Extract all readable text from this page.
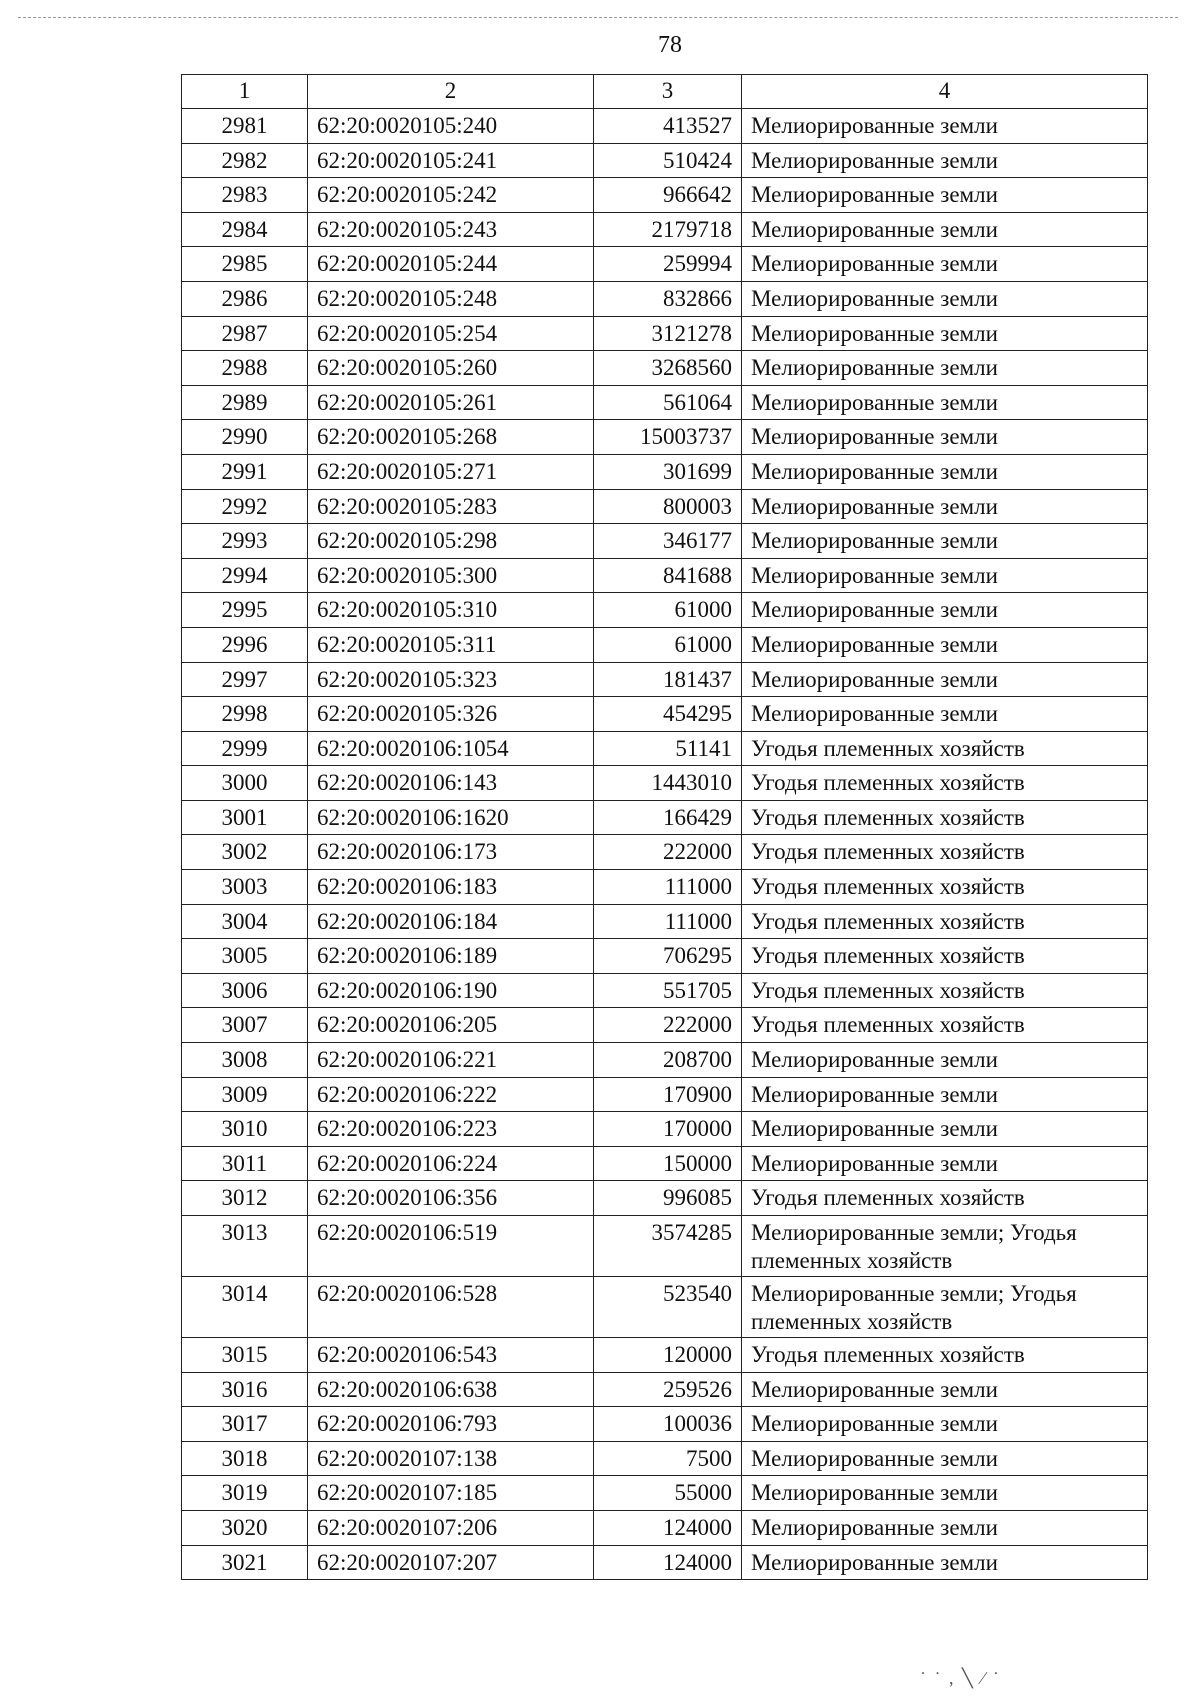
78
1	2	3	4
2981	62:20:0020105:240	413527	Мелиорированные земли
2982	62:20:0020105:241	510424	Мелиорированные земли
2983	62:20:0020105:242	966642	Мелиорированные земли
2984	62:20:0020105:243	2179718	Мелиорированные земли
2985	62:20:0020105:244	259994	Мелиорированные земли
2986	62:20:0020105:248	832866	Мелиорированные земли
2987	62:20:0020105:254	3121278	Мелиорированные земли
2988	62:20:0020105:260	3268560	Мелиорированные земли
2989	62:20:0020105:261	561064	Мелиорированные земли
2990	62:20:0020105:268	15003737	Мелиорированные земли
2991	62:20:0020105:271	301699	Мелиорированные земли
2992	62:20:0020105:283	800003	Мелиорированные земли
2993	62:20:0020105:298	346177	Мелиорированные земли
2994	62:20:0020105:300	841688	Мелиорированные земли
2995	62:20:0020105:310	61000	Мелиорированные земли
2996	62:20:0020105:311	61000	Мелиорированные земли
2997	62:20:0020105:323	181437	Мелиорированные земли
2998	62:20:0020105:326	454295	Мелиорированные земли
2999	62:20:0020106:1054	51141	Угодья племенных хозяйств
3000	62:20:0020106:143	1443010	Угодья племенных хозяйств
3001	62:20:0020106:1620	166429	Угодья племенных хозяйств
3002	62:20:0020106:173	222000	Угодья племенных хозяйств
3003	62:20:0020106:183	111000	Угодья племенных хозяйств
3004	62:20:0020106:184	111000	Угодья племенных хозяйств
3005	62:20:0020106:189	706295	Угодья племенных хозяйств
3006	62:20:0020106:190	551705	Угодья племенных хозяйств
3007	62:20:0020106:205	222000	Угодья племенных хозяйств
3008	62:20:0020106:221	208700	Мелиорированные земли
3009	62:20:0020106:222	170900	Мелиорированные земли
3010	62:20:0020106:223	170000	Мелиорированные земли
3011	62:20:0020106:224	150000	Мелиорированные земли
3012	62:20:0020106:356	996085	Угодья племенных хозяйств
3013	62:20:0020106:519	3574285	Мелиорированные земли; Угодья племенных хозяйств
3014	62:20:0020106:528	523540	Мелиорированные земли; Угодья племенных хозяйств
3015	62:20:0020106:543	120000	Угодья племенных хозяйств
3016	62:20:0020106:638	259526	Мелиорированные земли
3017	62:20:0020106:793	100036	Мелиорированные земли
3018	62:20:0020107:138	7500	Мелиорированные земли
3019	62:20:0020107:185	55000	Мелиорированные земли
3020	62:20:0020107:206	124000	Мелиорированные земли
3021	62:20:0020107:207	124000	Мелиорированные земли
˙ ˙ , ╲ ⁄ ˙
